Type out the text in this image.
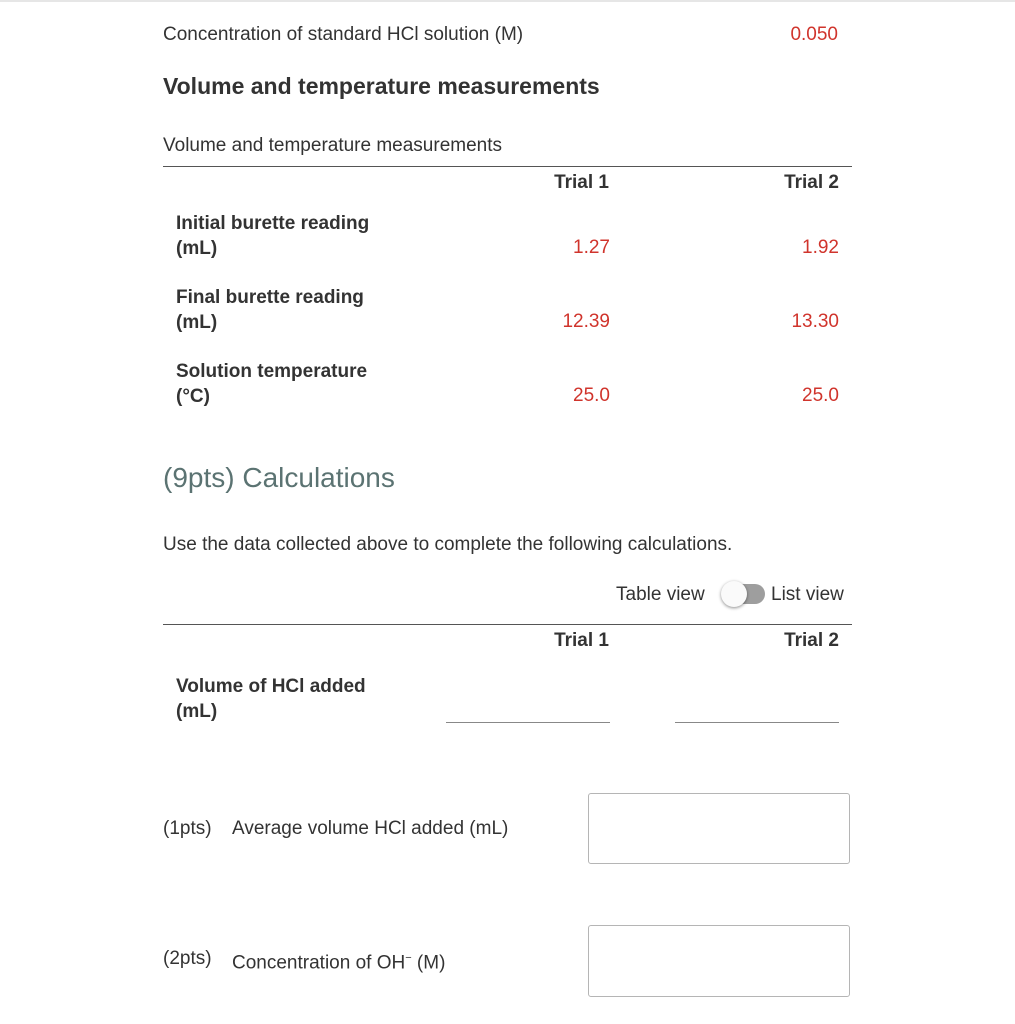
Concentration of standard HCl solution (M)	0.050
Volume and temperature measurements
Volume and temperature measurements
Trial 1	Trial 2
Initial burette reading
(mL)	1.27	1.92
Final burette reading
(mL)	12.39	13.30
Solution temperature
(°C)	25.0	25.0
(9pts) Calculations
Use the data collected above to complete the following calculations.
Table view	List view
Trial 1	Trial 2
Volume of HCl added
(mL)
(1pts) Average volume HCl added (mL)
(2pts) Concentration of OH− (M)
